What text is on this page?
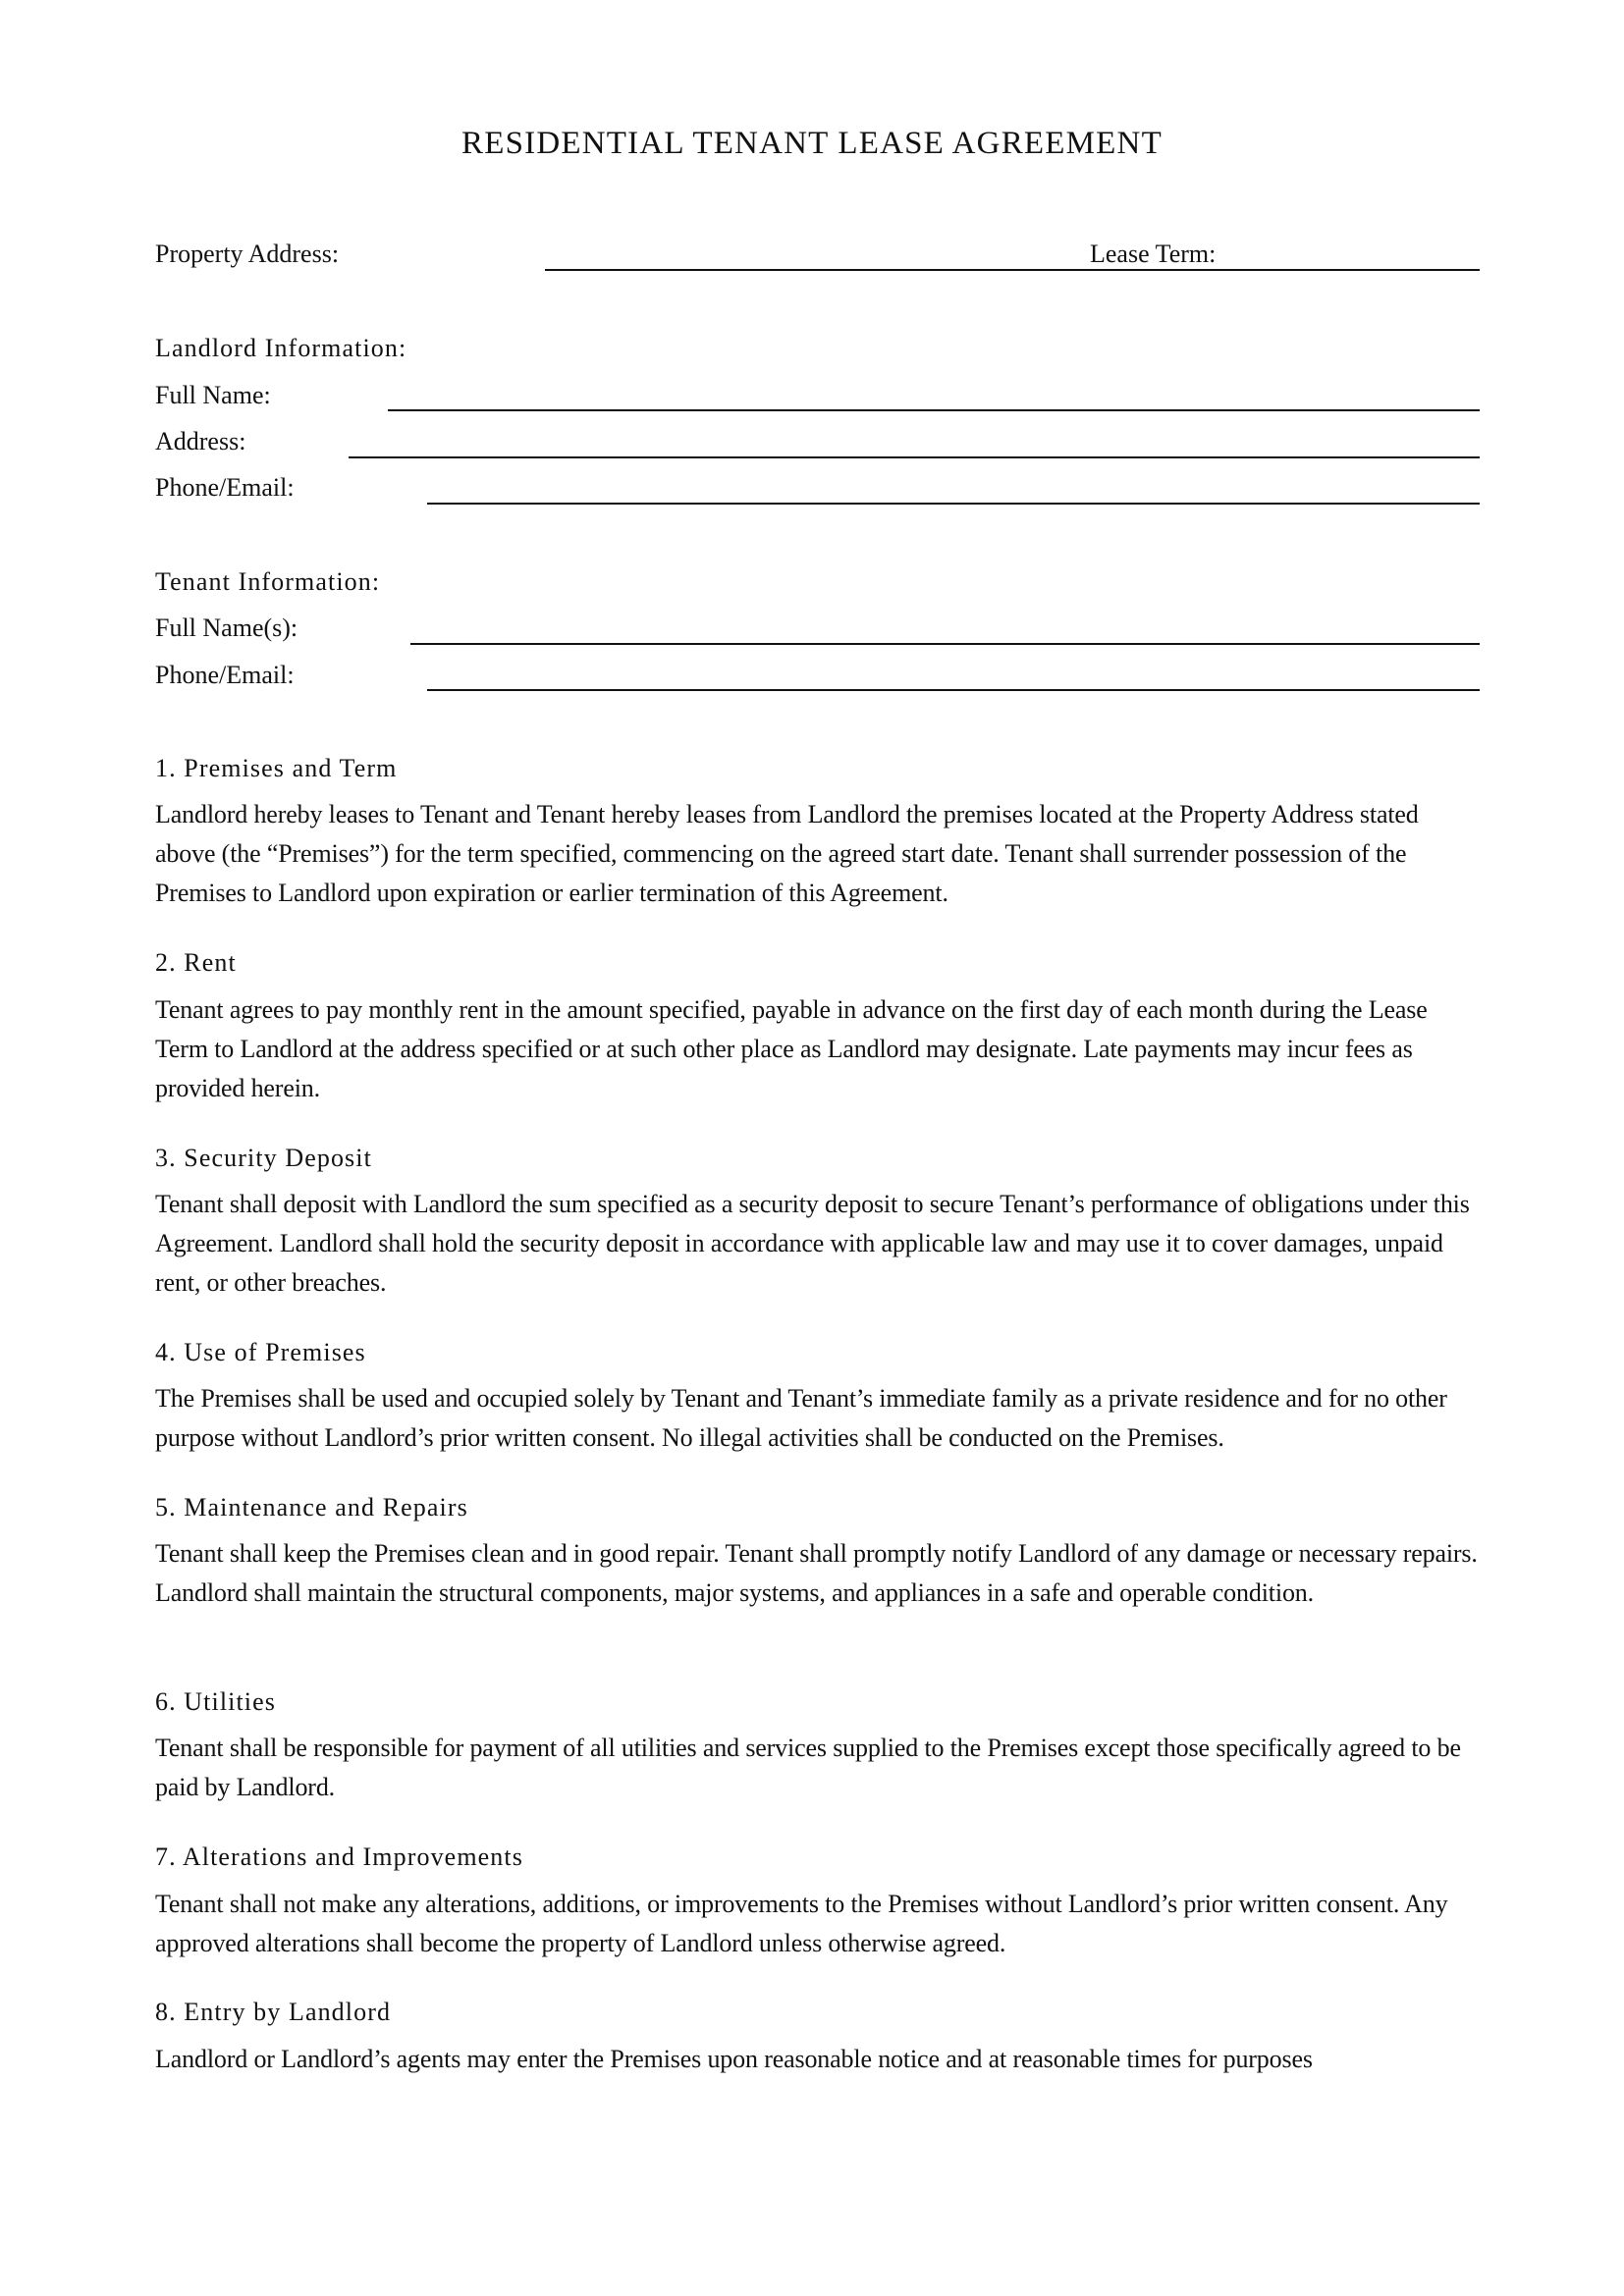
RESIDENTIAL TENANT LEASE AGREEMENT
Property Address:	Lease Term:
Landlord Information:
Full Name:
Address:
Phone/Email:
Tenant Information:
Full Name(s):
Phone/Email:
1. Premises and Term
Landlord hereby leases to Tenant and Tenant hereby leases from Landlord the premises located at the Property Address stated above (the “Premises”) for the term specified, commencing on the agreed start date. Tenant shall surrender possession of the Premises to Landlord upon expiration or earlier termination of this Agreement.
2. Rent
Tenant agrees to pay monthly rent in the amount specified, payable in advance on the first day of each month during the Lease Term to Landlord at the address specified or at such other place as Landlord may designate. Late payments may incur fees as provided herein.
3. Security Deposit
Tenant shall deposit with Landlord the sum specified as a security deposit to secure Tenant’s performance of obligations under this Agreement. Landlord shall hold the security deposit in accordance with applicable law and may use it to cover damages, unpaid rent, or other breaches.
4. Use of Premises
The Premises shall be used and occupied solely by Tenant and Tenant’s immediate family as a private residence and for no other purpose without Landlord’s prior written consent. No illegal activities shall be conducted on the Premises.
5. Maintenance and Repairs
Tenant shall keep the Premises clean and in good repair. Tenant shall promptly notify Landlord of any damage or necessary repairs. Landlord shall maintain the structural components, major systems, and appliances in a safe and operable condition.
6. Utilities
Tenant shall be responsible for payment of all utilities and services supplied to the Premises except those specifically agreed to be paid by Landlord.
7. Alterations and Improvements
Tenant shall not make any alterations, additions, or improvements to the Premises without Landlord’s prior written consent. Any approved alterations shall become the property of Landlord unless otherwise agreed.
8. Entry by Landlord
Landlord or Landlord’s agents may enter the Premises upon reasonable notice and at reasonable times for purposes
